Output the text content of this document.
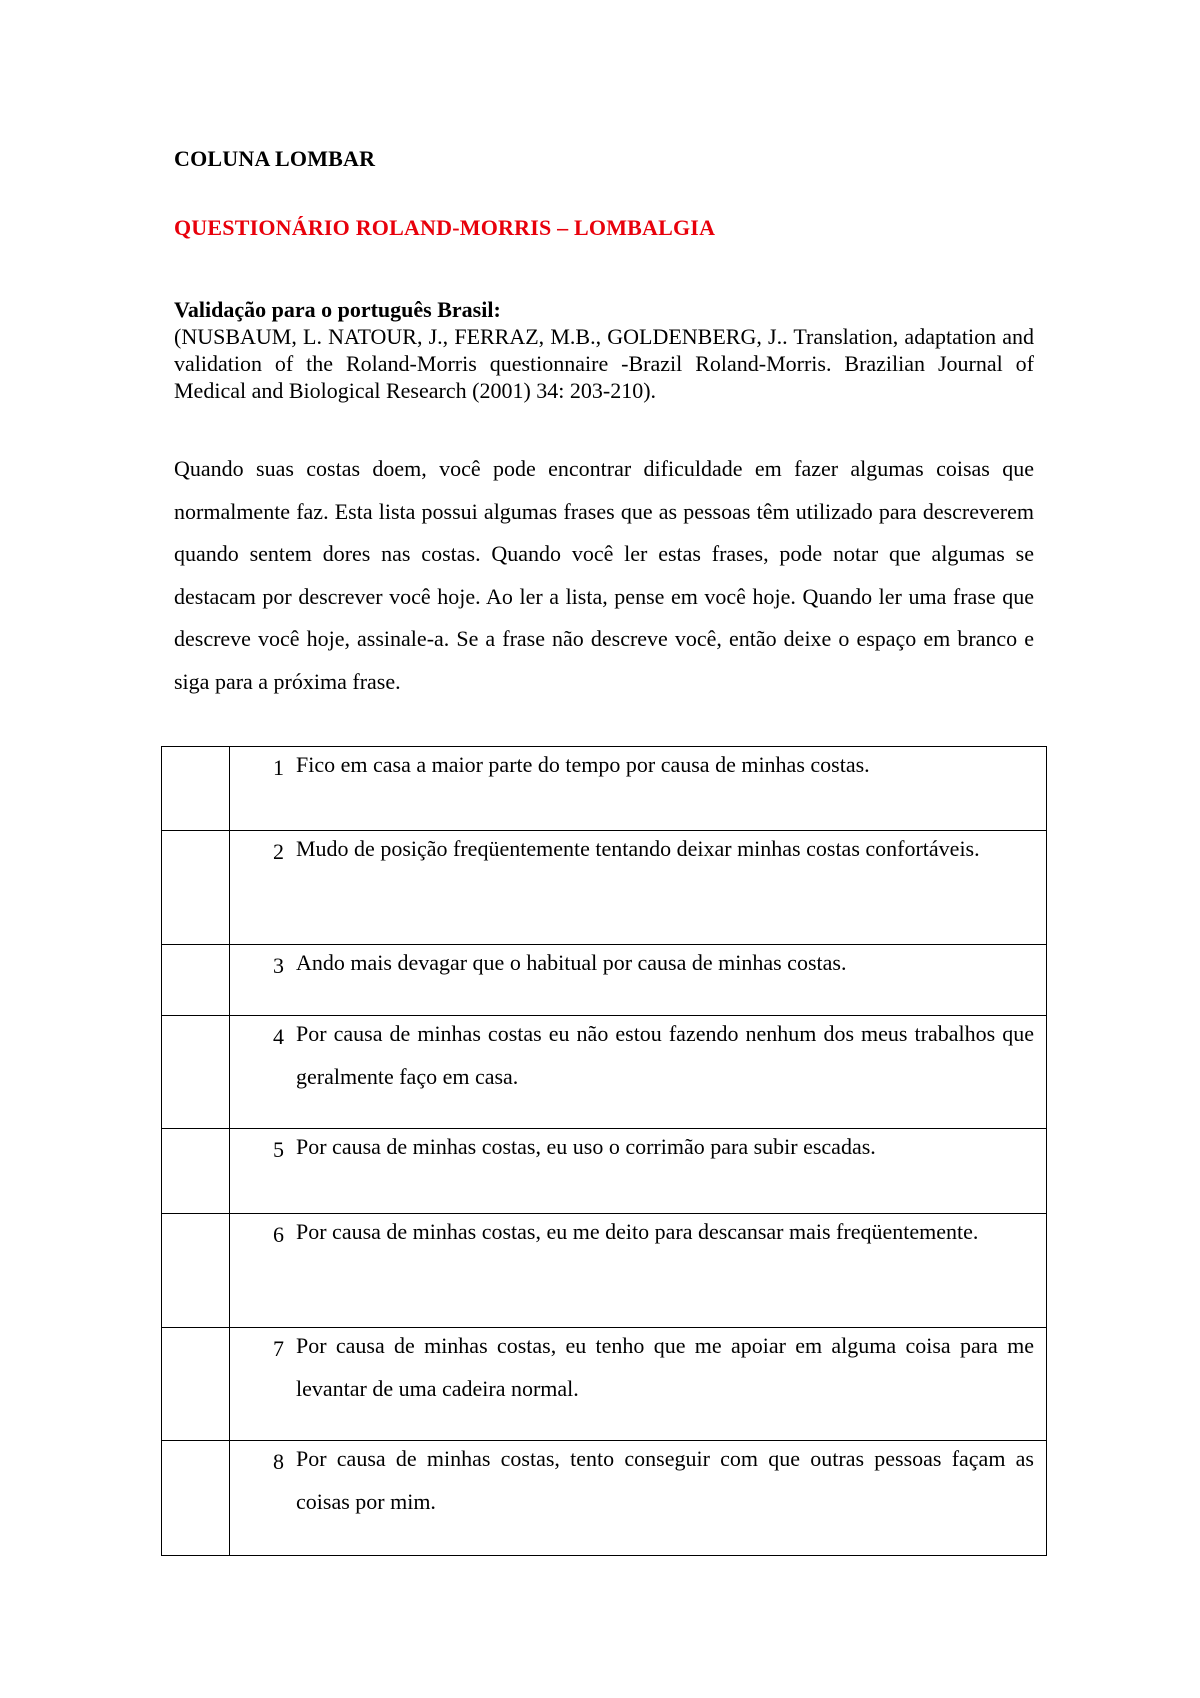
COLUNA LOMBAR
QUESTIONÁRIO ROLAND-MORRIS – LOMBALGIA
Validação para o português Brasil:
(NUSBAUM, L. NATOUR, J., FERRAZ, M.B., GOLDENBERG, J.. Translation, adaptation and validation of the Roland-Morris questionnaire -Brazil Roland-Morris. Brazilian Journal of Medical and Biological Research (2001) 34: 203-210).
Quando suas costas doem, você pode encontrar dificuldade em fazer algumas coisas que normalmente faz. Esta lista possui algumas frases que as pessoas têm utilizado para descreverem quando sentem dores nas costas. Quando você ler estas frases, pode notar que algumas se destacam por descrever você hoje. Ao ler a lista, pense em você hoje. Quando ler uma frase que descreve você hoje, assinale-a. Se a frase não descreve você, então deixe o espaço em branco e siga para a próxima frase.

	1 Fico em casa a maior parte do tempo por causa de minhas costas.

	2 Mudo de posição freqüentemente tentando deixar minhas costas confortáveis.

	3 Ando mais devagar que o habitual por causa de minhas costas.

	4 Por causa de minhas costas eu não estou fazendo nenhum dos meus trabalhos que geralmente faço em casa.

	5 Por causa de minhas costas, eu uso o corrimão para subir escadas.

	6 Por causa de minhas costas, eu me deito para descansar mais freqüentemente.

	7 Por causa de minhas costas, eu tenho que me apoiar em alguma coisa para me levantar de uma cadeira normal.

	8 Por causa de minhas costas, tento conseguir com que outras pessoas façam as coisas por mim.
